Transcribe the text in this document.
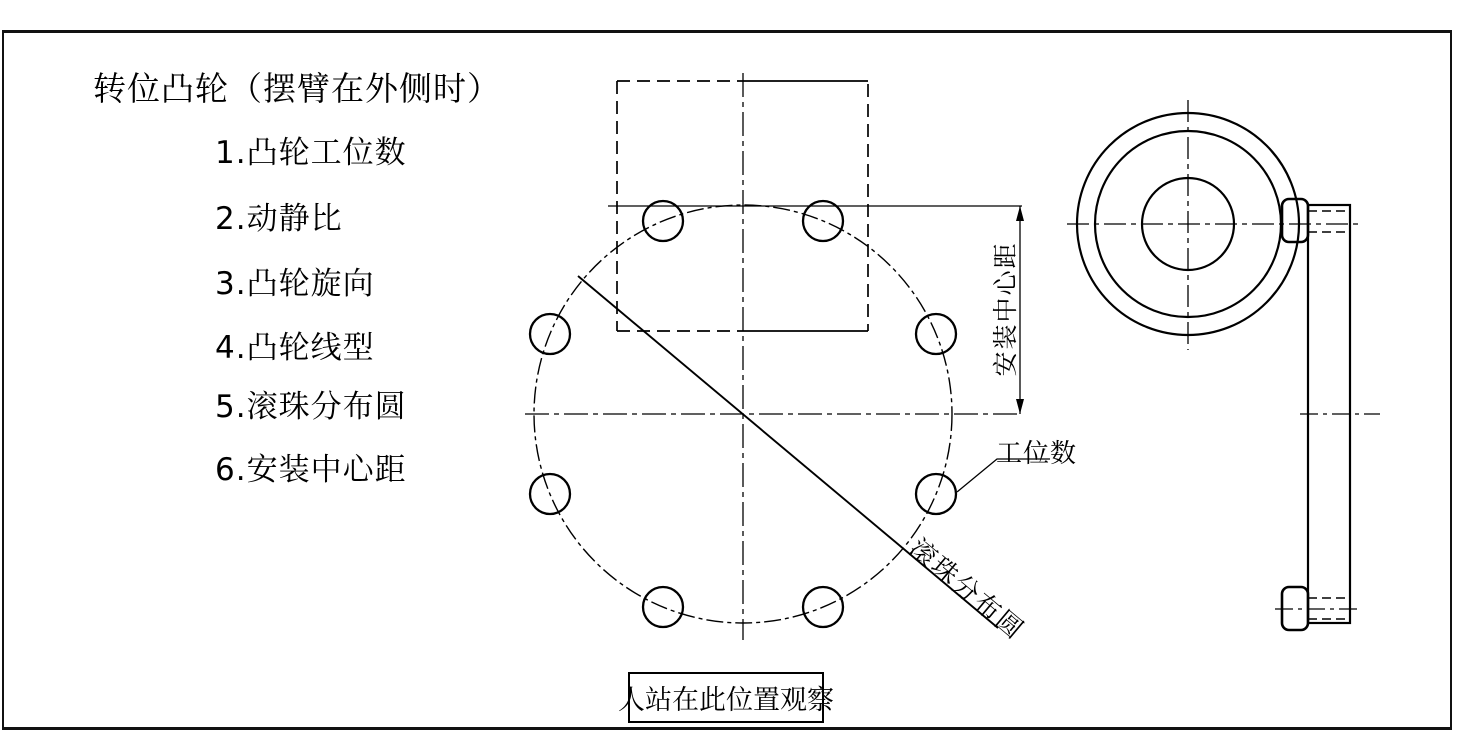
转位凸轮（摆臂在外侧时）
1.凸轮工位数
2.动静比
3.凸轮旋向
4.凸轮线型
5.滚珠分布圆
6.安装中心距
安装中心距
工位数
滚珠分布圆
人站在此位置观察
